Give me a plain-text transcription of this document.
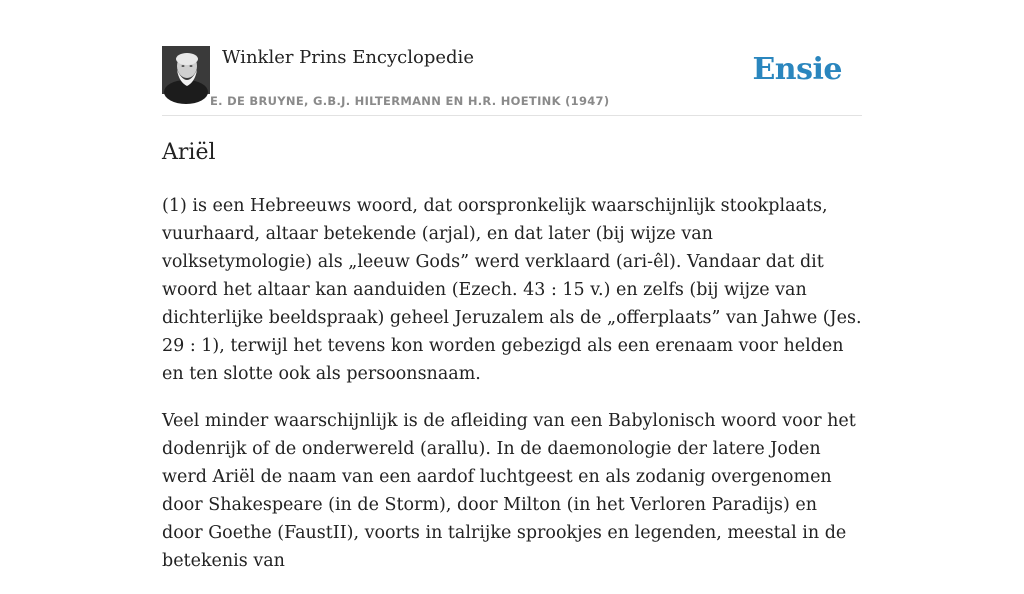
Winkler Prins Encyclopedie
E. DE BRUYNE, G.B.J. HILTERMANN EN H.R. HOETINK (1947)
Ensie
Ariël

(1) is een Hebreeuws woord, dat oorspronkelijk waarschijnlijk stookplaats, vuurhaard, altaar betekende (arjal), en dat later (bij wijze van volksetymologie) als „leeuw Gods” werd verklaard (ari-êl). Vandaar dat dit woord het altaar kan aanduiden (Ezech. 43 : 15 v.) en zelfs (bij wijze van dichterlijke beeldspraak) geheel Jeruzalem als de „offerplaats” van Jahwe (Jes. 29 : 1), terwijl het tevens kon worden gebezigd als een erenaam voor helden en ten slotte ook als persoonsnaam.

Veel minder waarschijnlijk is de afleiding van een Babylonisch woord voor het dodenrijk of de onderwereld (arallu). In de daemonologie der latere Joden werd Ariël de naam van een aardof luchtgeest en als zodanig overgenomen door Shakespeare (in de Storm), door Milton (in het Verloren Paradijs) en door Goethe (FaustII), voorts in talrijke sprookjes en legenden, meestal in de betekenis van
